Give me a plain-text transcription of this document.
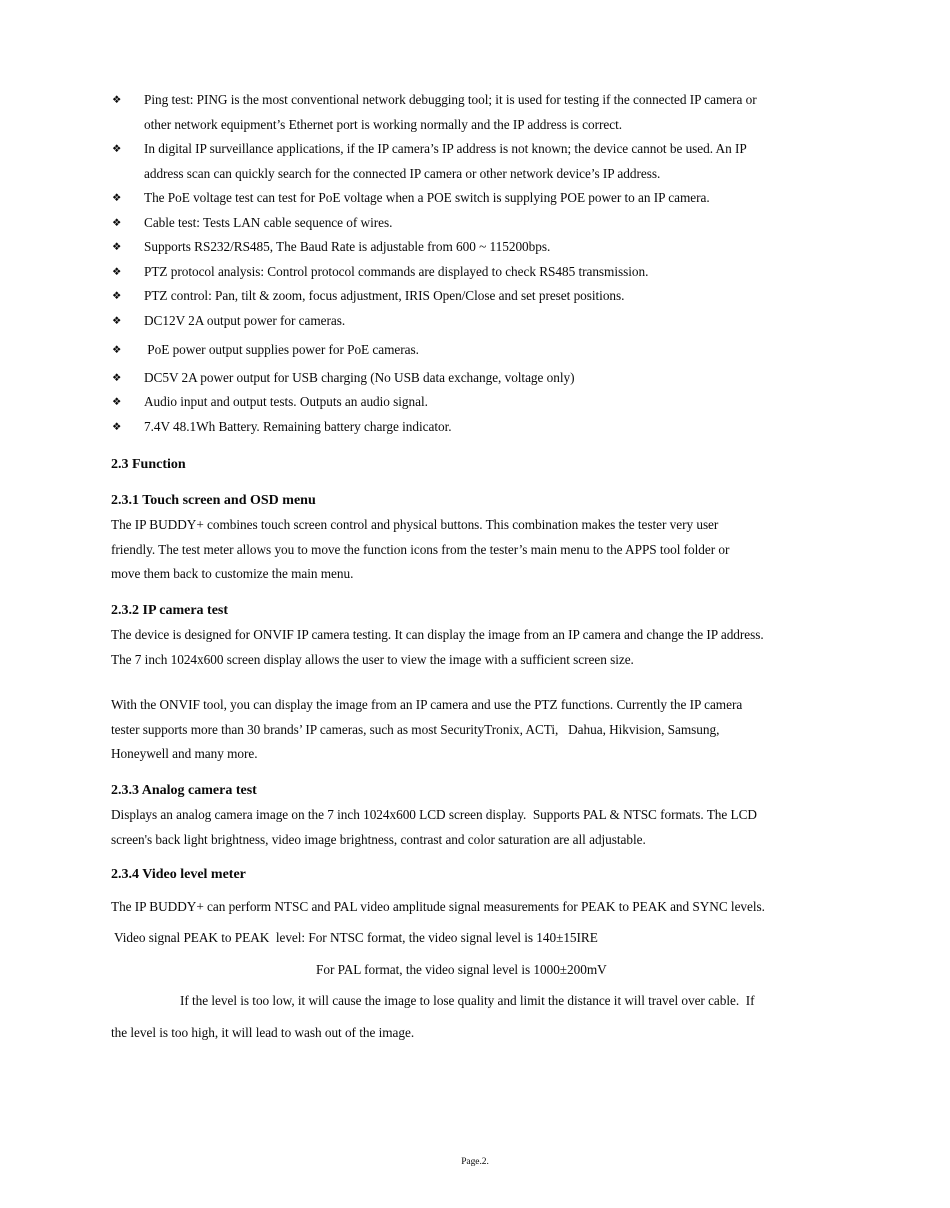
❖ Ping test: PING is the most conventional network debugging tool; it is used for testing if the connected IP camera or
other network equipment’s Ethernet port is working normally and the IP address is correct.
❖ In digital IP surveillance applications, if the IP camera’s IP address is not known; the device cannot be used. An IP
address scan can quickly search for the connected IP camera or other network device’s IP address.
❖ The PoE voltage test can test for PoE voltage when a POE switch is supplying POE power to an IP camera.
❖ Cable test: Tests LAN cable sequence of wires.
❖ Supports RS232/RS485, The Baud Rate is adjustable from 600 ~ 115200bps.
❖ PTZ protocol analysis: Control protocol commands are displayed to check RS485 transmission.
❖ PTZ control: Pan, tilt & zoom, focus adjustment, IRIS Open/Close and set preset positions.
❖ DC12V 2A output power for cameras.
❖ PoE power output supplies power for PoE cameras.
❖ DC5V 2A power output for USB charging (No USB data exchange, voltage only)
❖ Audio input and output tests. Outputs an audio signal.
❖ 7.4V 48.1Wh Battery. Remaining battery charge indicator.
2.3 Function
2.3.1 Touch screen and OSD menu

The IP BUDDY+ combines touch screen control and physical buttons. This combination makes the tester very user
friendly. The test meter allows you to move the function icons from the tester’s main menu to the APPS tool folder or
move them back to customize the main menu.

2.3.2 IP camera test

The device is designed for ONVIF IP camera testing. It can display the image from an IP camera and change the IP address.
The 7 inch 1024x600 screen display allows the user to view the image with a sufficient screen size.

With the ONVIF tool, you can display the image from an IP camera and use the PTZ functions. Currently the IP camera
tester supports more than 30 brands’ IP cameras, such as most SecurityTronix, ACTi,   Dahua, Hikvision, Samsung,
Honeywell and many more.

2.3.3 Analog camera test

Displays an analog camera image on the 7 inch 1024x600 LCD screen display.  Supports PAL & NTSC formats. The LCD
screen's back light brightness, video image brightness, contrast and color saturation are all adjustable.

2.3.4 Video level meter

The IP BUDDY+ can perform NTSC and PAL video amplitude signal measurements for PEAK to PEAK and SYNC levels.

Video signal PEAK to PEAK  level: For NTSC format, the video signal level is 140±15IRE

For PAL format, the video signal level is 1000±200mV

If the level is too low, it will cause the image to lose quality and limit the distance it will travel over cable.  If

the level is too high, it will lead to wash out of the image.

Page.2.
